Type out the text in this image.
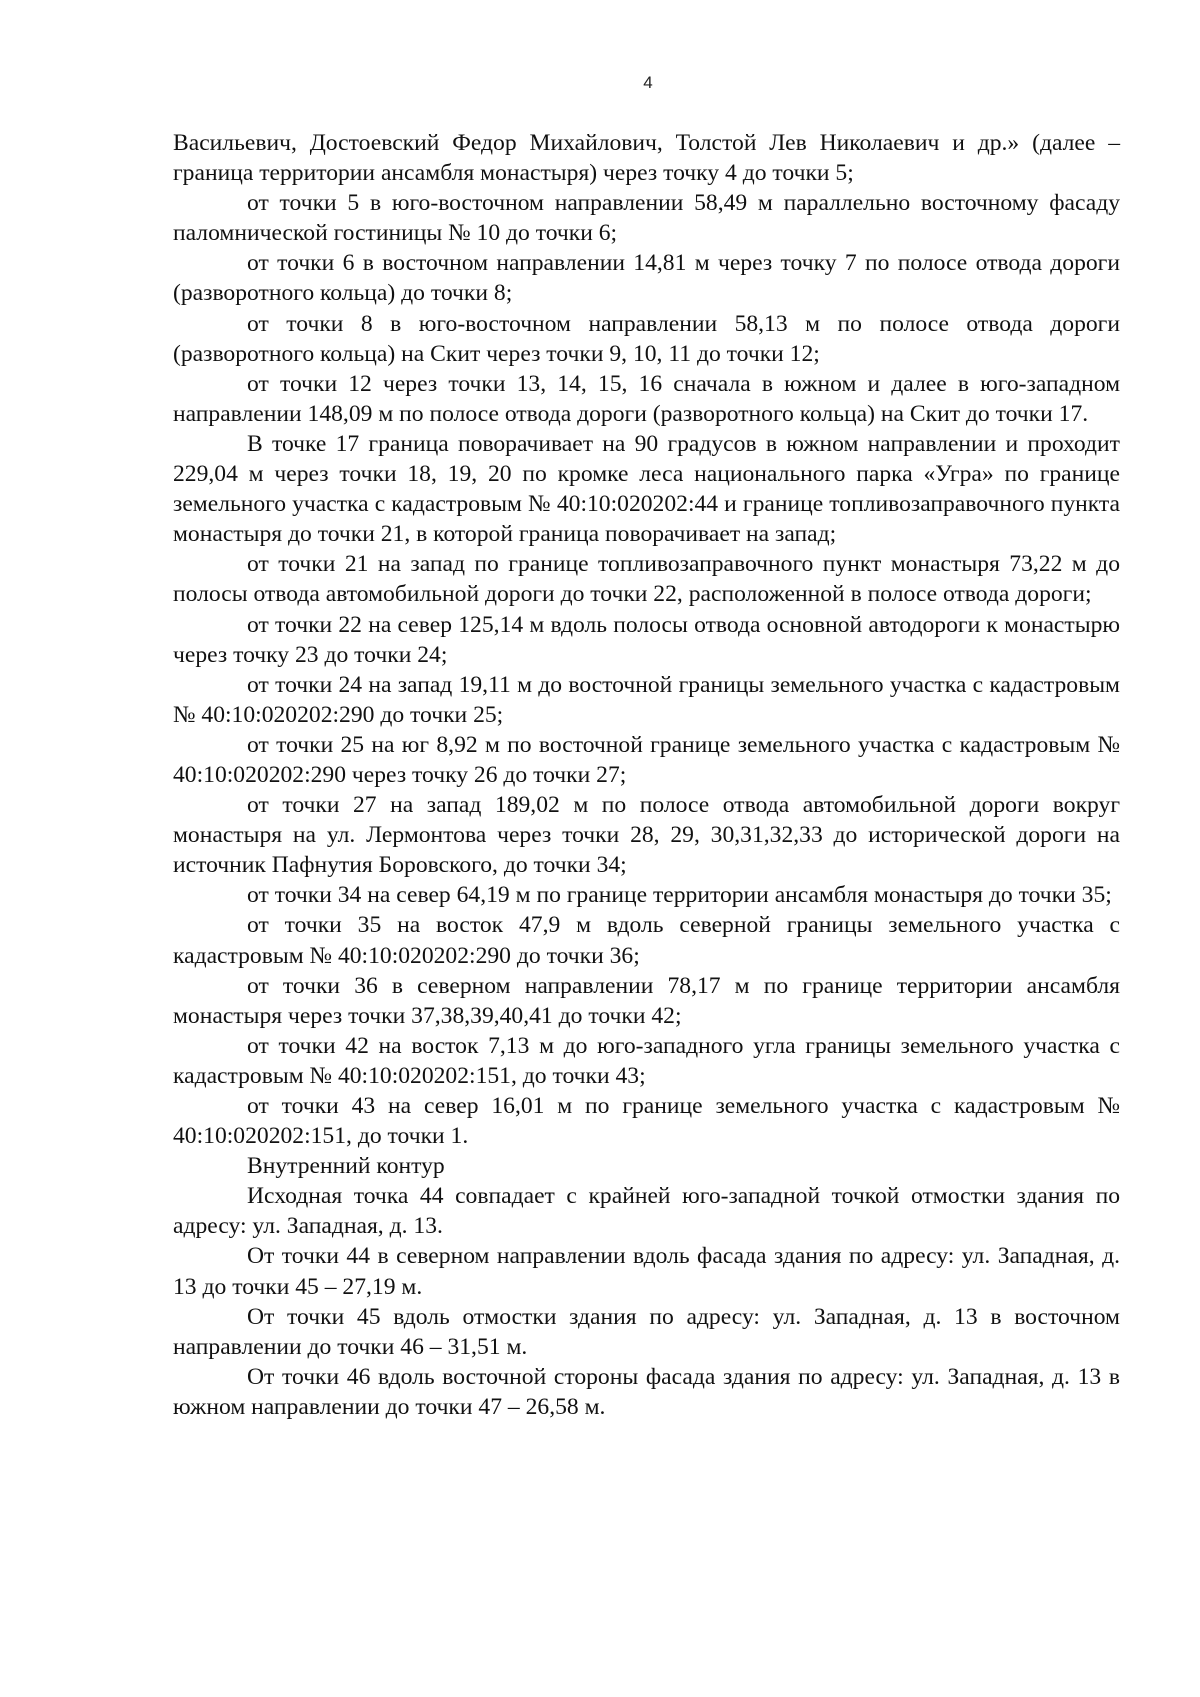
4

Васильевич, Достоевский Федор Михайлович, Толстой Лев Николаевич и др.» (далее – граница территории ансамбля монастыря) через точку 4 до точки 5;

от точки 5 в юго-восточном направлении 58,49 м параллельно восточному фасаду паломнической гостиницы № 10 до точки 6;

от точки 6 в восточном направлении 14,81 м через точку 7 по полосе отвода дороги (разворотного кольца) до точки 8;

от точки 8 в юго-восточном направлении 58,13 м по полосе отвода дороги (разворотного кольца) на Скит через точки 9, 10, 11 до точки 12;

от точки 12 через точки 13, 14, 15, 16 сначала в южном и далее в юго-западном направлении 148,09 м по полосе отвода дороги (разворотного кольца) на Скит до точки 17.

В точке 17 граница поворачивает на 90 градусов в южном направлении и проходит 229,04 м через точки 18, 19, 20 по кромке леса национального парка «Угра» по границе земельного участка с кадастровым № 40:10:020202:44 и границе топливозаправочного пункта монастыря до точки 21, в которой граница поворачивает на запад;

от точки 21 на запад по границе топливозаправочного пункт монастыря 73,22 м до полосы отвода автомобильной дороги до точки 22, расположенной в полосе отвода дороги;

от точки 22 на север 125,14 м вдоль полосы отвода основной автодороги к монастырю через точку 23 до точки 24;

от точки 24 на запад 19,11 м до восточной границы земельного участка с кадастровым № 40:10:020202:290 до точки 25;

от точки 25 на юг 8,92 м по восточной границе земельного участка с кадастровым № 40:10:020202:290 через точку 26 до точки 27;

от точки 27 на запад 189,02 м по полосе отвода автомобильной дороги вокруг монастыря на ул. Лермонтова через точки 28, 29, 30,31,32,33 до исторической дороги на источник Пафнутия Боровского, до точки 34;

от точки 34 на север 64,19 м по границе территории ансамбля монастыря до точки 35;

от точки 35 на восток 47,9 м вдоль северной границы земельного участка с кадастровым № 40:10:020202:290 до точки 36;

от точки 36 в северном направлении 78,17 м по границе территории ансамбля монастыря через точки 37,38,39,40,41 до точки 42;

от точки 42 на восток 7,13 м до юго-западного угла границы земельного участка с кадастровым № 40:10:020202:151, до точки 43;

от точки 43 на север 16,01 м по границе земельного участка с кадастровым № 40:10:020202:151, до точки 1.

Внутренний контур

Исходная точка 44 совпадает с крайней юго-западной точкой отмостки здания по адресу: ул. Западная, д. 13.

От точки 44 в северном направлении вдоль фасада здания по адресу: ул. Западная, д. 13 до точки 45 – 27,19 м.

От точки 45 вдоль отмостки здания по адресу: ул. Западная, д. 13 в восточном направлении до точки 46 – 31,51 м.

От точки 46 вдоль восточной стороны фасада здания по адресу: ул. Западная, д. 13 в южном направлении до точки 47 – 26,58 м.
